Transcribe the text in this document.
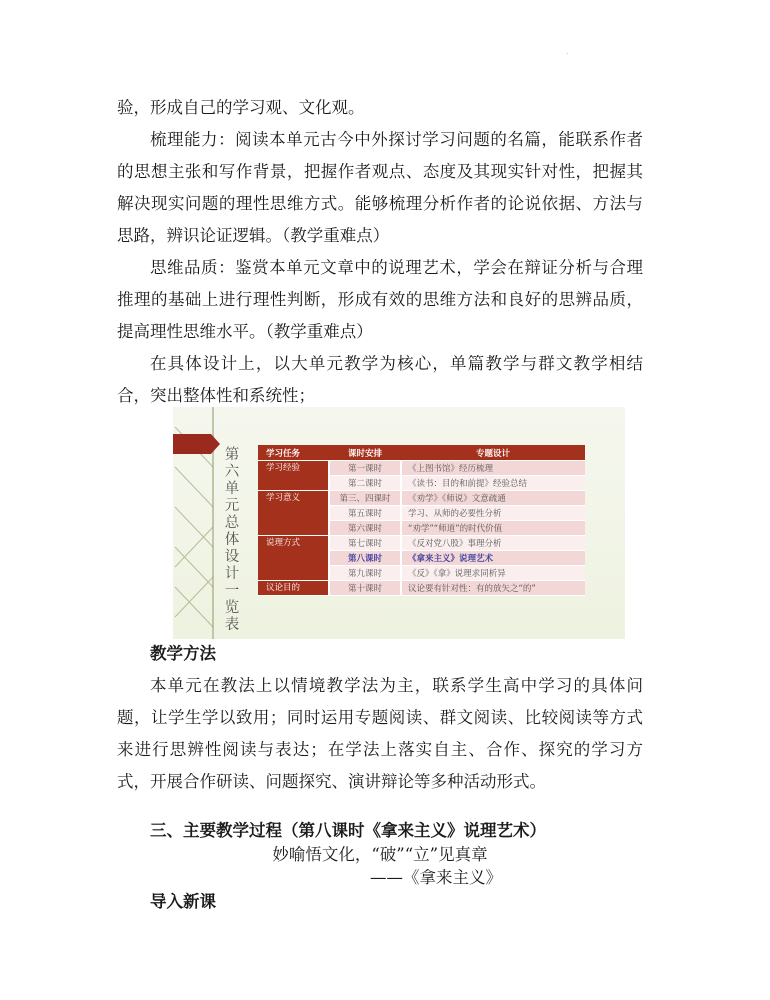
.

验，形成自己的学习观、文化观。

梳理能力：阅读本单元古今中外探讨学习问题的名篇，能联系作者的思想主张和写作背景，把握作者观点、态度及其现实针对性，把握其解决现实问题的理性思维方式。能够梳理分析作者的论说依据、方法与思路，辨识论证逻辑。（教学重难点）

思维品质：鉴赏本单元文章中的说理艺术，学会在辩证分析与合理推理的基础上进行理性判断，形成有效的思维方法和良好的思辨品质，提高理性思维水平。（教学重难点）

在具体设计上，以大单元教学为核心，单篇教学与群文教学相结合，突出整体性和系统性；

第六单元总体设计一览表
学习任务	课时安排	专题设计
学习经验	第一课时	《上图书馆》经历梳理
	第二课时	《读书：目的和前提》经验总结
学习意义	第三、四课时	《劝学》《师说》文意疏通
	第五课时	学习、从师的必要性分析
	第六课时	“劝学”“师道”的时代价值
说理方式	第七课时	《反对党八股》事理分析
	第八课时	《拿来主义》说理艺术
	第九课时	《反》《拿》说理求同析异
议论目的	第十课时	议论要有针对性：有的放矢之“的”

教学方法

本单元在教法上以情境教学法为主，联系学生高中学习的具体问题，让学生学以致用；同时运用专题阅读、群文阅读、比较阅读等方式来进行思辨性阅读与表达；在学法上落实自主、合作、探究的学习方式，开展合作研读、问题探究、演讲辩论等多种活动形式。

三、主要教学过程（第八课时《拿来主义》说理艺术）

妙喻悟文化，“破”“立”见真章

——《拿来主义》

导入新课
